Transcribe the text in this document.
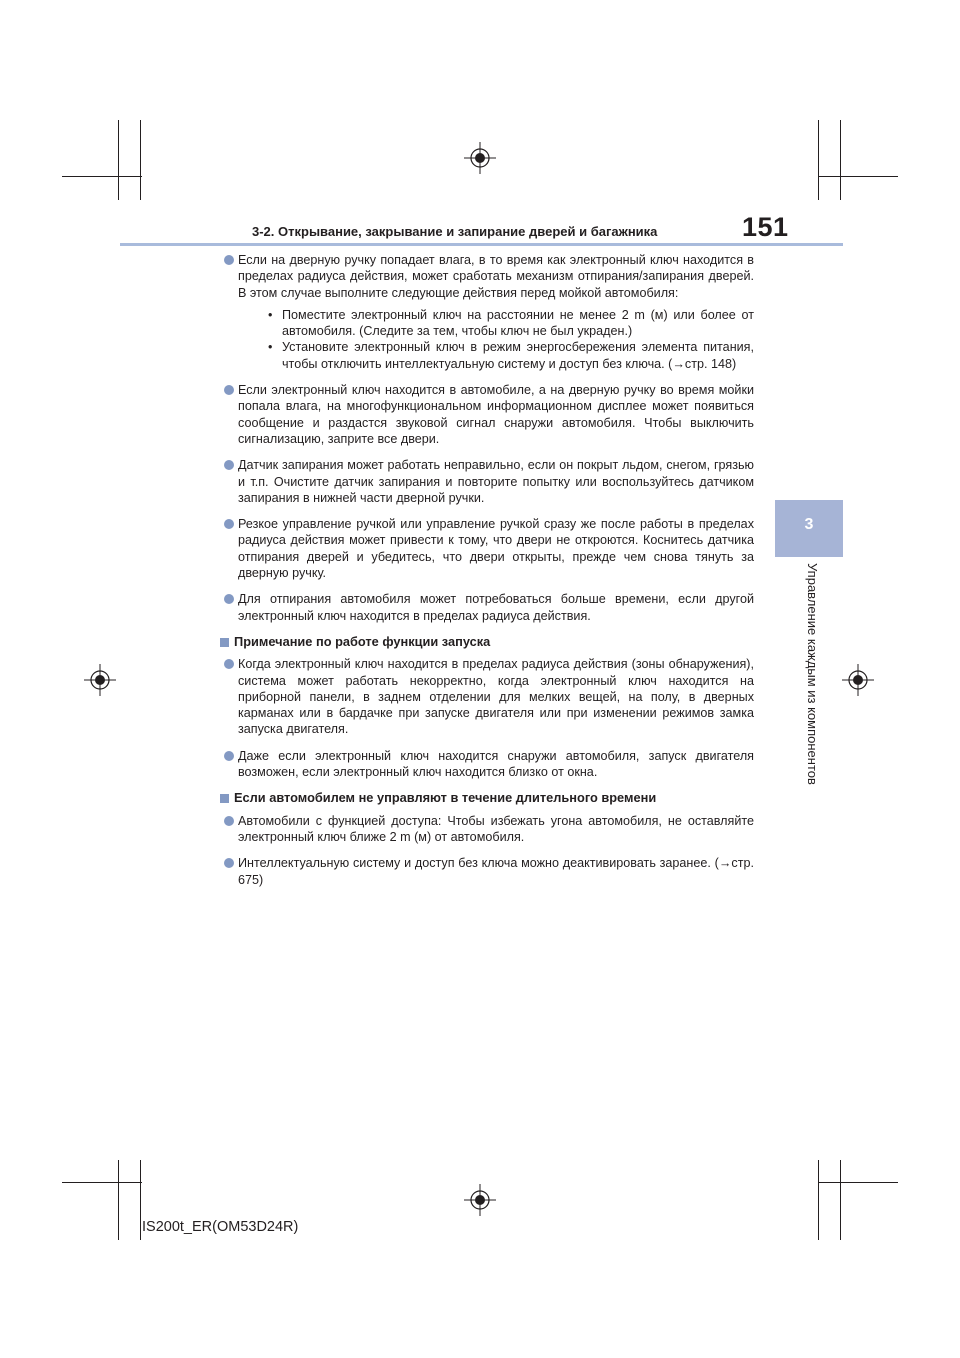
3-2. Открывание, закрывание и запирание дверей и багажника	151
3
Управление каждым из компонентов
Если на дверную ручку попадает влага, в то время как электронный ключ находится в пределах радиуса действия, может сработать механизм отпирания/запирания дверей. В этом случае выполните следующие действия перед мойкой автомобиля:
• Поместите электронный ключ на расстоянии не менее 2 m (м) или более от автомобиля. (Следите за тем, чтобы ключ не был украден.)
• Установите электронный ключ в режим энергосбережения элемента питания, чтобы отключить интеллектуальную систему и доступ без ключа. (→стр. 148)
Если электронный ключ находится в автомобиле, а на дверную ручку во время мойки попала влага, на многофункциональном информационном дисплее может появиться сообщение и раздастся звуковой сигнал снаружи автомобиля. Чтобы выключить сигнализацию, заприте все двери.
Датчик запирания может работать неправильно, если он покрыт льдом, снегом, грязью и т.п. Очистите датчик запирания и повторите попытку или воспользуйтесь датчиком запирания в нижней части дверной ручки.
Резкое управление ручкой или управление ручкой сразу же после работы в пределах радиуса действия может привести к тому, что двери не откроются. Коснитесь датчика отпирания дверей и убедитесь, что двери открыты, прежде чем снова тянуть за дверную ручку.
Для отпирания автомобиля может потребоваться больше времени, если другой электронный ключ находится в пределах радиуса действия.
Примечание по работе функции запуска
Когда электронный ключ находится в пределах радиуса действия (зоны обнаружения), система может работать некорректно, когда электронный ключ находится на приборной панели, в заднем отделении для мелких вещей, на полу, в дверных карманах или в бардачке при запуске двигателя или при изменении режимов замка запуска двигателя.
Даже если электронный ключ находится снаружи автомобиля, запуск двигателя возможен, если электронный ключ находится близко от окна.
Если автомобилем не управляют в течение длительного времени
Автомобили с функцией доступа: Чтобы избежать угона автомобиля, не оставляйте электронный ключ ближе 2 m (м) от автомобиля.
Интеллектуальную систему и доступ без ключа можно деактивировать заранее. (→стр. 675)
IS200t_ER(OM53D24R)
